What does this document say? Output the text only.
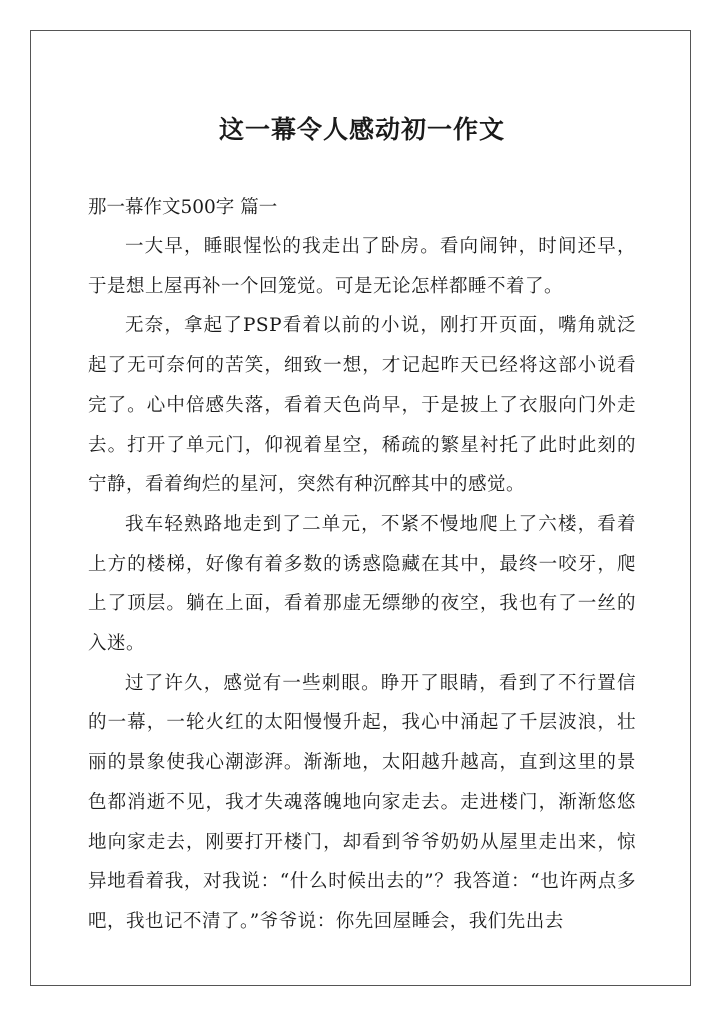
这一幕令人感动初一作文

那一幕作文500字 篇一

一大早，睡眼惺忪的我走出了卧房。看向闹钟，时间还早，于是想上屋再补一个回笼觉。可是无论怎样都睡不着了。

无奈，拿起了PSP看着以前的小说，刚打开页面，嘴角就泛起了无可奈何的苦笑，细致一想，才记起昨天已经将这部小说看完了。心中倍感失落，看着天色尚早，于是披上了衣服向门外走去。打开了单元门，仰视着星空，稀疏的繁星衬托了此时此刻的宁静，看着绚烂的星河，突然有种沉醉其中的感觉。

我车轻熟路地走到了二单元，不紧不慢地爬上了六楼，看着上方的楼梯，好像有着多数的诱惑隐藏在其中，最终一咬牙，爬上了顶层。躺在上面，看着那虚无缥缈的夜空，我也有了一丝的入迷。

过了许久，感觉有一些刺眼。睁开了眼睛，看到了不行置信的一幕，一轮火红的太阳慢慢升起，我心中涌起了千层波浪，壮丽的景象使我心潮澎湃。渐渐地，太阳越升越高，直到这里的景色都消逝不见，我才失魂落魄地向家走去。走进楼门，渐渐悠悠地向家走去，刚要打开楼门，却看到爷爷奶奶从屋里走出来，惊异地看着我，对我说：“什么时候出去的”？我答道：“也许两点多吧，我也记不清了。”爷爷说：你先回屋睡会，我们先出去
